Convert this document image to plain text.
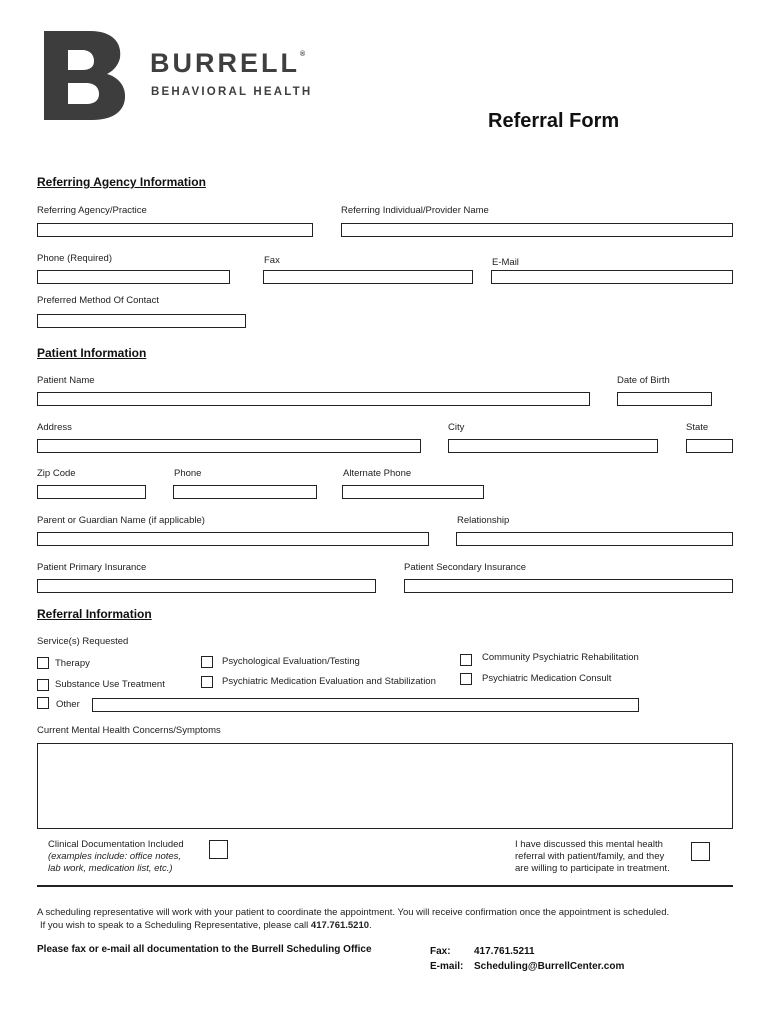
BURRELL®
BEHAVIORAL HEALTH
Referral Form
Referring Agency Information
Referring Agency/Practice	Referring Individual/Provider Name
Phone (Required)	Fax	E-Mail
Preferred Method Of Contact
Patient Information
Patient Name	Date of Birth
Address	City	State
Zip Code	Phone	Alternate Phone
Parent or Guardian Name (if applicable)	Relationship
Patient Primary Insurance	Patient Secondary Insurance
Referral Information
Service(s) Requested
Therapy
Substance Use Treatment
Other
Psychological Evaluation/Testing
Psychiatric Medication Evaluation and Stabilization
Community Psychiatric Rehabilitation
Psychiatric Medication Consult
Current Mental Health Concerns/Symptoms
Clinical Documentation Included
(examples include: office notes,
lab work, medication list, etc.)
I have discussed this mental health
referral with patient/family, and they
are willing to participate in treatment.
A scheduling representative will work with your patient to coordinate the appointment. You will receive confirmation once the appointment is scheduled.
If you wish to speak to a Scheduling Representative, please call 417.761.5210.
Please fax or e-mail all documentation to the Burrell Scheduling Office	Fax: 417.761.5211
E-mail: Scheduling@BurrellCenter.com
